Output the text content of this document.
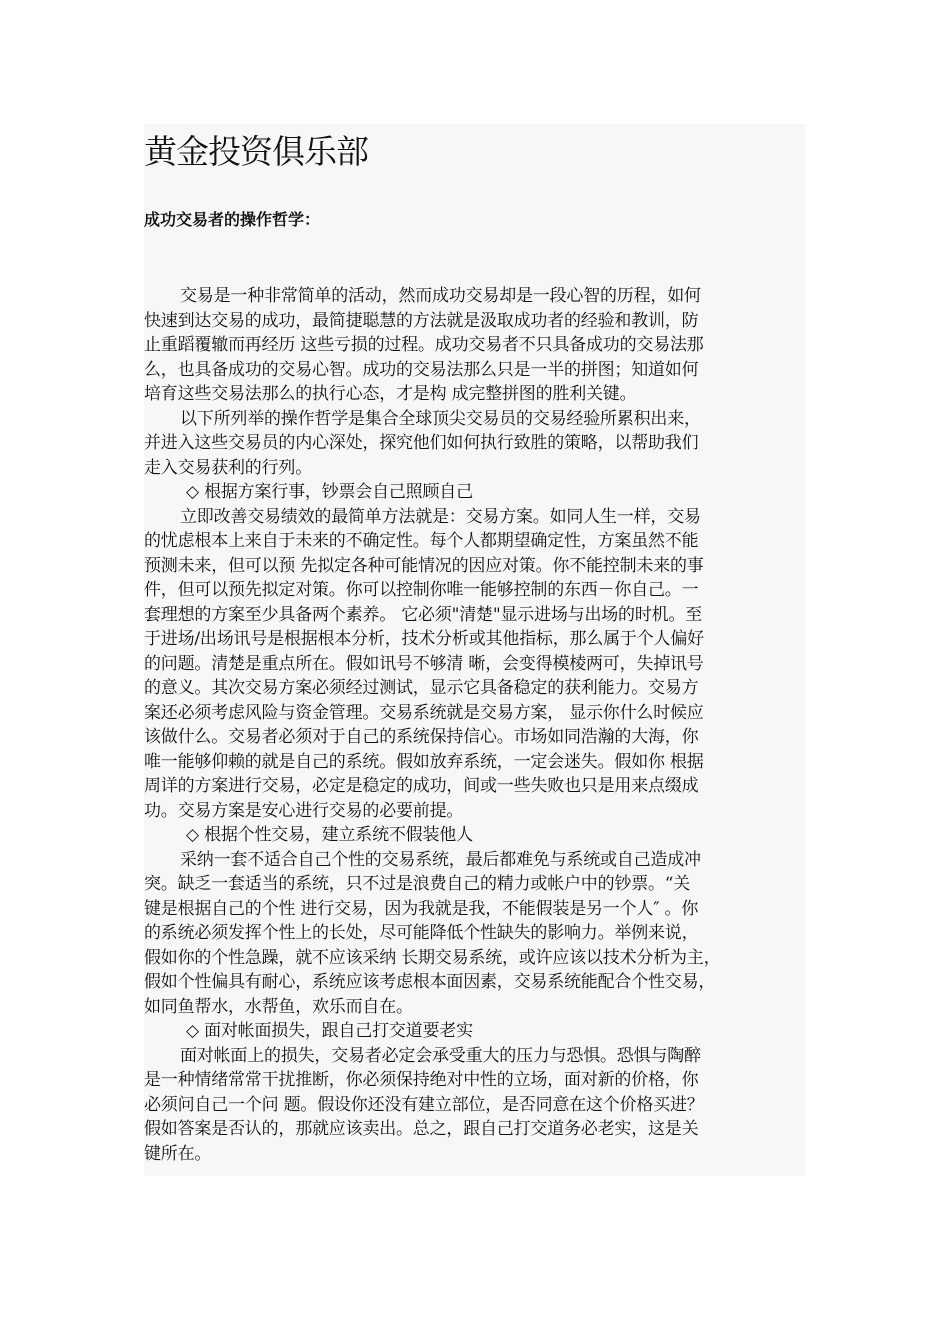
黄金投资俱乐部
成功交易者的操作哲学：

交易是一种非常简单的活动，然而成功交易却是一段心智的历程，如何
快速到达交易的成功，最简捷聪慧的方法就是汲取成功者的经验和教训，防
止重蹈覆辙而再经历 这些亏损的过程。成功交易者不只具备成功的交易法那
么，也具备成功的交易心智。成功的交易法那么只是一半的拼图；知道如何
培育这些交易法那么的执行心态，才是构 成完整拼图的胜利关键。

以下所列举的操作哲学是集合全球顶尖交易员的交易经验所累积出来，
并进入这些交易员的内心深处，探究他们如何执行致胜的策略，以帮助我们
走入交易获利的行列。

◇ 根据方案行事，钞票会自己照顾自己

立即改善交易绩效的最简单方法就是：交易方案。如同人生一样，交易
的忧虑根本上来自于未来的不确定性。每个人都期望确定性，方案虽然不能
预测未来，但可以预 先拟定各种可能情况的因应对策。你不能控制未来的事
件，但可以预先拟定对策。你可以控制你唯一能够控制的东西－你自己。一
套理想的方案至少具备两个素养。 它必须"清楚"显示进场与出场的时机。至
于进场/出场讯号是根据根本分析，技术分析或其他指标，那么属于个人偏好
的问题。清楚是重点所在。假如讯号不够清 晰，会变得模棱两可，失掉讯号
的意义。其次交易方案必须经过测试，显示它具备稳定的获利能力。交易方
案还必须考虑风险与资金管理。交易系统就是交易方案， 显示你什么时候应
该做什么。交易者必须对于自己的系统保持信心。市场如同浩瀚的大海，你
唯一能够仰赖的就是自己的系统。假如放弃系统，一定会迷失。假如你 根据
周详的方案进行交易，必定是稳定的成功，间或一些失败也只是用来点缀成
功。交易方案是安心进行交易的必要前提。

◇ 根据个性交易，建立系统不假装他人

采纳一套不适合自己个性的交易系统，最后都难免与系统或自己造成冲
突。缺乏一套适当的系统，只不过是浪费自己的精力或帐户中的钞票。“关
键是根据自己的个性 进行交易，因为我就是我，不能假装是另一个人″ 。你
的系统必须发挥个性上的长处，尽可能降低个性缺失的影响力。举例来说，
假如你的个性急躁，就不应该采纳 长期交易系统，或许应该以技术分析为主，
假如个性偏具有耐心，系统应该考虑根本面因素，交易系统能配合个性交易，
如同鱼帮水，水帮鱼，欢乐而自在。

◇ 面对帐面损失，跟自己打交道要老实

面对帐面上的损失，交易者必定会承受重大的压力与恐惧。恐惧与陶醉
是一种情绪常常干扰推断，你必须保持绝对中性的立场，面对新的价格，你
必须问自己一个问 题。假设你还没有建立部位，是否同意在这个价格买进？
假如答案是否认的，那就应该卖出。总之，跟自己打交道务必老实，这是关
键所在。
